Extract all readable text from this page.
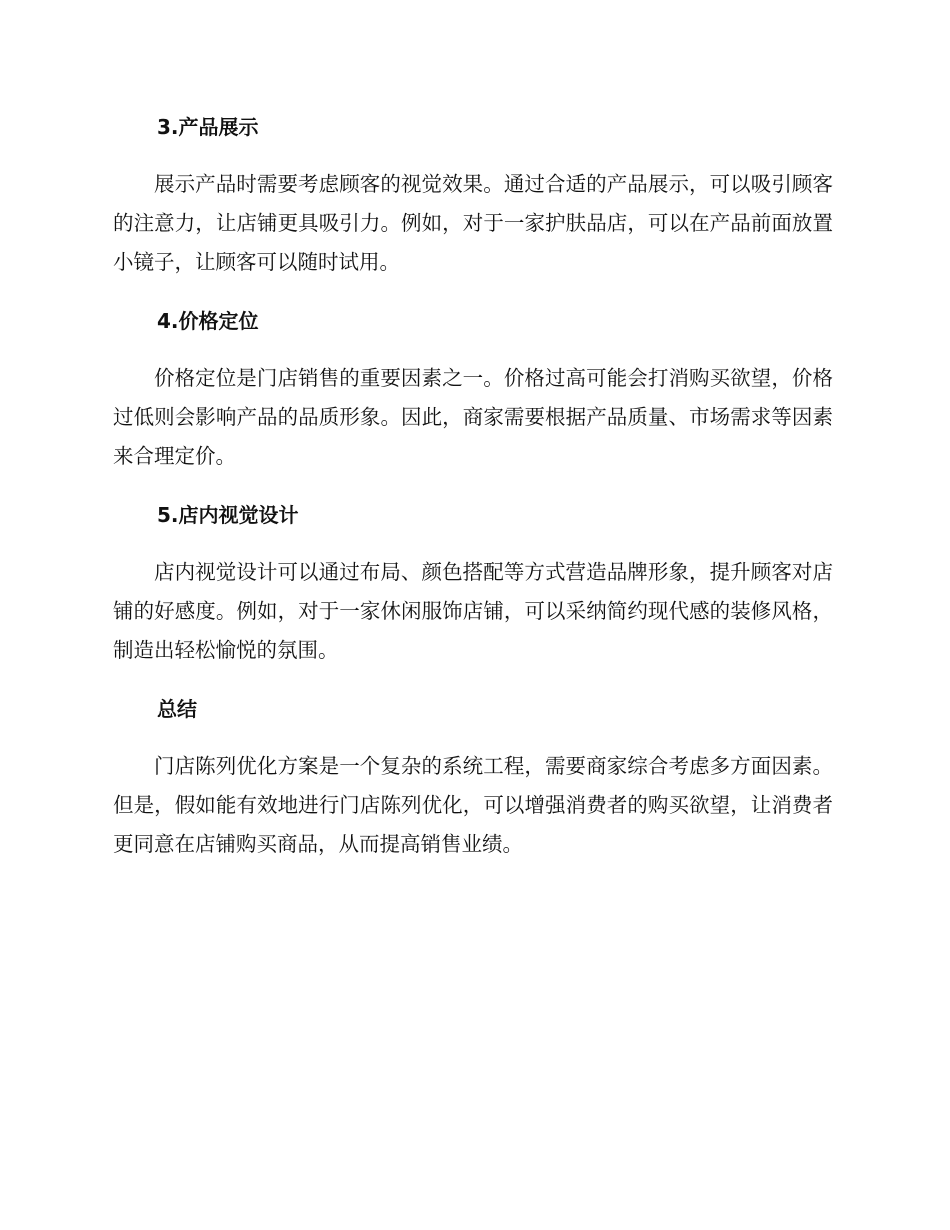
3.产品展示

展示产品时需要考虑顾客的视觉效果。通过合适的产品展示，可以吸引顾客的注意力，让店铺更具吸引力。例如，对于一家护肤品店，可以在产品前面放置小镜子，让顾客可以随时试用。

4.价格定位

价格定位是门店销售的重要因素之一。价格过高可能会打消购买欲望，价格过低则会影响产品的品质形象。因此，商家需要根据产品质量、市场需求等因素来合理定价。

5.店内视觉设计

店内视觉设计可以通过布局、颜色搭配等方式营造品牌形象，提升顾客对店铺的好感度。例如，对于一家休闲服饰店铺，可以采纳简约现代感的装修风格，制造出轻松愉悦的氛围。

总结

门店陈列优化方案是一个复杂的系统工程，需要商家综合考虑多方面因素。但是，假如能有效地进行门店陈列优化，可以增强消费者的购买欲望，让消费者更同意在店铺购买商品，从而提高销售业绩。
